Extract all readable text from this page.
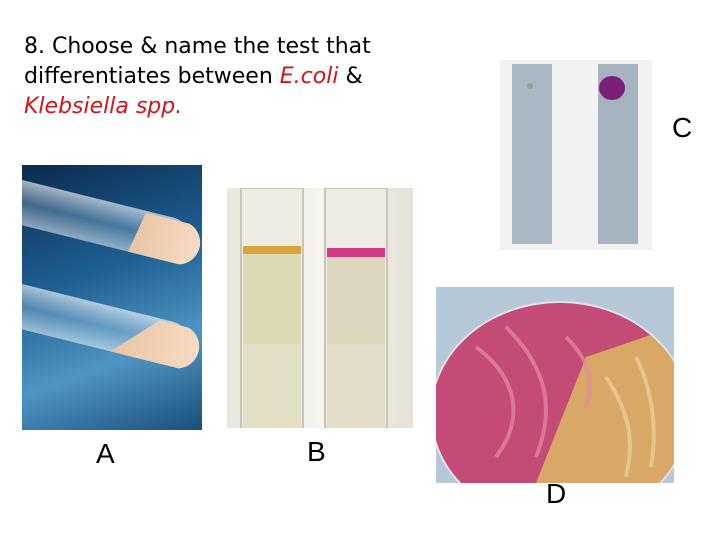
8. Choose & name the test that
differentiates between E.coli &
Klebsiella spp.

C
A	B
D
